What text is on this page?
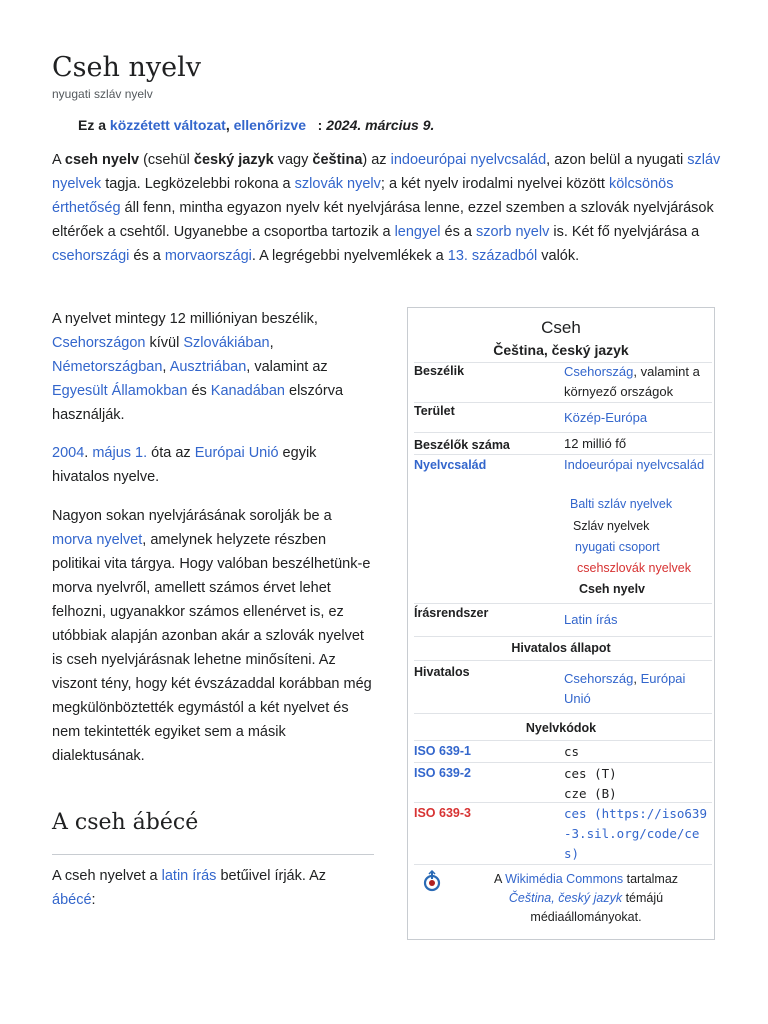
Cseh nyelv
nyugati szláv nyelv
Ez a közzétett változat, ellenőrizve : 2024. március 9.

A cseh nyelv (csehül český jazyk vagy čeština) az indoeurópai nyelvcsalád, azon belül a nyugati szláv nyelvek tagja. Legközelebbi rokona a szlovák nyelv; a két nyelv irodalmi nyelvei között kölcsönös érthetőség áll fenn, mintha egyazon nyelv két nyelvjárása lenne, ezzel szemben a szlovák nyelvjárások eltérőek a csehtől. Ugyanebbe a csoportba tartozik a lengyel és a szorb nyelv is. Két fő nyelvjárása a csehországi és a morvaországi. A legrégebbi nyelvemlékek a 13. századból valók.

A nyelvet mintegy 12 millióniyan beszélik, Csehországon kívül Szlovákiában, Németországban, Ausztriában, valamint az Egyesült Államokban és Kanadában elszórva használják.

2004. május 1. óta az Európai Unió egyik hivatalos nyelve.

Nagyon sokan nyelvjárásának sorolják be a morva nyelvet, amelynek helyzete részben politikai vita tárgya. Hogy valóban beszélhetünk-e morva nyelvről, amellett számos érvet lehet felhozni, ugyanakkor számos ellenérvet is, ez utóbbiak alapján azonban akár a szlovák nyelvet is cseh nyelvjárásnak lehetne minősíteni. Az viszont tény, hogy két évszázaddal korábban még megkülönböztették egymástól a két nyelvet és nem tekintették egyiket sem a másik dialektusának.

A cseh ábécé

A cseh nyelvet a latin írás betűivel írják. Az ábécé:

Cseh
Čeština, český jazyk
Beszélik	Csehország, valamint a környező országok
Terület	Közép-Európa
Beszélők száma	12 millió fő
Nyelvcsalád	Indoeurópai nyelvcsalád
Balti szláv nyelvek
Szláv nyelvek
nyugati csoport
csehszlovák nyelvek
Cseh nyelv
Írásrendszer	Latin írás
Hivatalos állapot
Hivatalos	Csehország, Európai Unió
Nyelvkódok
ISO 639-1	cs
ISO 639-2	ces (T)
cze (B)
ISO 639-3	ces (https://iso639-3.sil.org/code/ces)
A Wikimédia Commons tartalmaz
Čeština, český jazyk témájú médiaállományokat.
